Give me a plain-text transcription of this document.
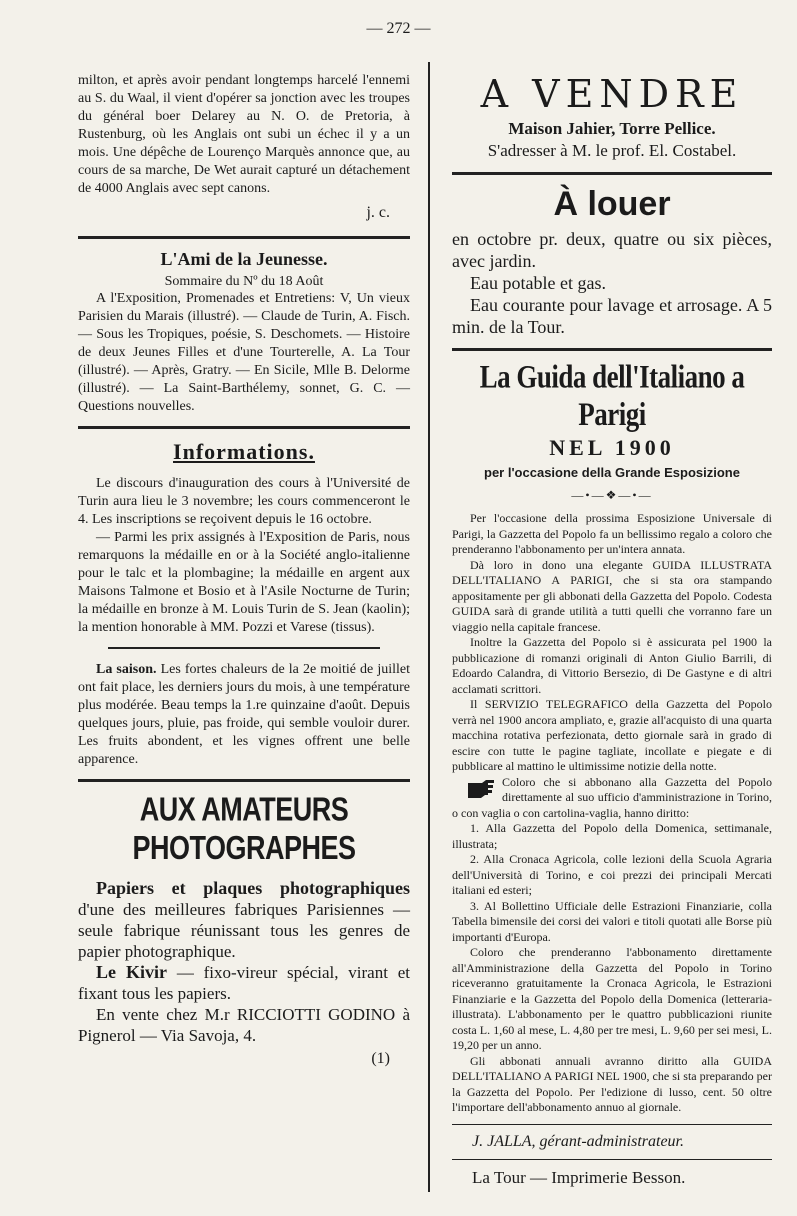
— 272 —

milton, et après avoir pendant longtemps harcelé l'ennemi au S. du Waal, il vient d'opérer sa jonction avec les troupes du général boer Delarey au N. O. de Pretoria, à Rustenburg, où les Anglais ont subi un échec il y a un mois. Une dépêche de Lourenço Marquès annonce que, au cours de sa marche, De Wet aurait capturé un détachement de 4000 Anglais avec sept canons.

j. c.
L'Ami de la Jeunesse.
Sommaire du Nº du 18 Août

A l'Exposition, Promenades et Entretiens: V, Un vieux Parisien du Marais (illustré). — Claude de Turin, A. Fisch. — Sous les Tropiques, poésie, S. Deschomets. — Histoire de deux Jeunes Filles et d'une Tourterelle, A. La Tour (illustré). — Après, Gratry. — En Sicile, Mlle B. Delorme (illustré). — La Saint-Barthélemy, sonnet, G. C. — Questions nouvelles.

Informations.

Le discours d'inauguration des cours à l'Université de Turin aura lieu le 3 novembre; les cours commenceront le 4. Les inscriptions se reçoivent depuis le 16 octobre.

— Parmi les prix assignés à l'Exposition de Paris, nous remarquons la médaille en or à la Société anglo-italienne pour le talc et la plombagine; la médaille en argent aux Maisons Talmone et Bosio et à l'Asile Nocturne de Turin; la médaille en bronze à M. Louis Turin de S. Jean (kaolin); la mention honorable à MM. Pozzi et Varese (tissus).

La saison. Les fortes chaleurs de la 2e moitié de juillet ont fait place, les derniers jours du mois, à une température plus modérée. Beau temps la 1.re quinzaine d'août. Depuis quelques jours, pluie, pas froide, qui semble vouloir durer. Les fruits abondent, et les vignes offrent une belle apparence.

AUX AMATEURS PHOTOGRAPHES

Papiers et plaques photographiques d'une des meilleures fabriques Parisiennes — seule fabrique réunissant tous les genres de papier photographique.

Le Kivir — fixo-vireur spécial, virant et fixant tous les papiers.

En vente chez M.r RICCIOTTI GODINO à Pignerol — Via Savoja, 4.

(1)
A VENDRE
Maison Jahier, Torre Pellice.
S'adresser à M. le prof. El. Costabel.
À louer

en octobre pr. deux, quatre ou six pièces, avec jardin.

Eau potable et gas.

Eau courante pour lavage et arrosage. A 5 min. de la Tour.

La Guida dell'Italiano a Parigi
NEL 1900
per l'occasione della Grande Esposizione
—•—❖—•—

Per l'occasione della prossima Esposizione Universale di Parigi, la Gazzetta del Popolo fa un bellissimo regalo a coloro che prenderanno l'abbonamento per un'intera annata.

Dà loro in dono una elegante GUIDA ILLUSTRATA DELL'ITALIANO A PARIGI, che si sta ora stampando appositamente per gli abbonati della Gazzetta del Popolo. Codesta GUIDA sarà di grande utilità a tutti quelli che vorranno fare un viaggio nella capitale francese.

Inoltre la Gazzetta del Popolo si è assicurata pel 1900 la pubblicazione di romanzi originali di Anton Giulio Barrili, di Edoardo Calandra, di Vittorio Bersezio, di De Gastyne e di altri acclamati scrittori.

Il SERVIZIO TELEGRAFICO della Gazzetta del Popolo verrà nel 1900 ancora ampliato, e, grazie all'acquisto di una quarta macchina rotativa perfezionata, detto giornale sarà in grado di escire con tutte le pagine tagliate, incollate e piegate e di pubblicare al mattino le ultimissime notizie della notte.

Coloro che si abbonano alla Gazzetta del Popolo direttamente al suo ufficio d'amministrazione in Torino, o con vaglia o con cartolina-vaglia, hanno diritto:

1. Alla Gazzetta del Popolo della Domenica, settimanale, illustrata;

2. Alla Cronaca Agricola, colle lezioni della Scuola Agraria dell'Università di Torino, e coi prezzi dei principali Mercati italiani ed esteri;

3. Al Bollettino Ufficiale delle Estrazioni Finanziarie, colla Tabella bimensile dei corsi dei valori e titoli quotati alle Borse più importanti d'Europa.

Coloro che prenderanno l'abbonamento direttamente all'Amministrazione della Gazzetta del Popolo in Torino riceveranno gratuitamente la Cronaca Agricola, le Estrazioni Finanziarie e la Gazzetta del Popolo della Domenica (letteraria-illustrata). L'abbonamento per le quattro pubblicazioni riunite costa L. 1,60 al mese, L. 4,80 per tre mesi, L. 9,60 per sei mesi, L. 19,20 per un anno.

Gli abbonati annuali avranno diritto alla GUIDA DELL'ITALIANO A PARIGI NEL 1900, che si sta preparando per la Gazzetta del Popolo. Per l'edizione di lusso, cent. 50 oltre l'importare dell'abbonamento annuo al giornale.

J. JALLA, gérant-administrateur.
La Tour — Imprimerie Besson.
